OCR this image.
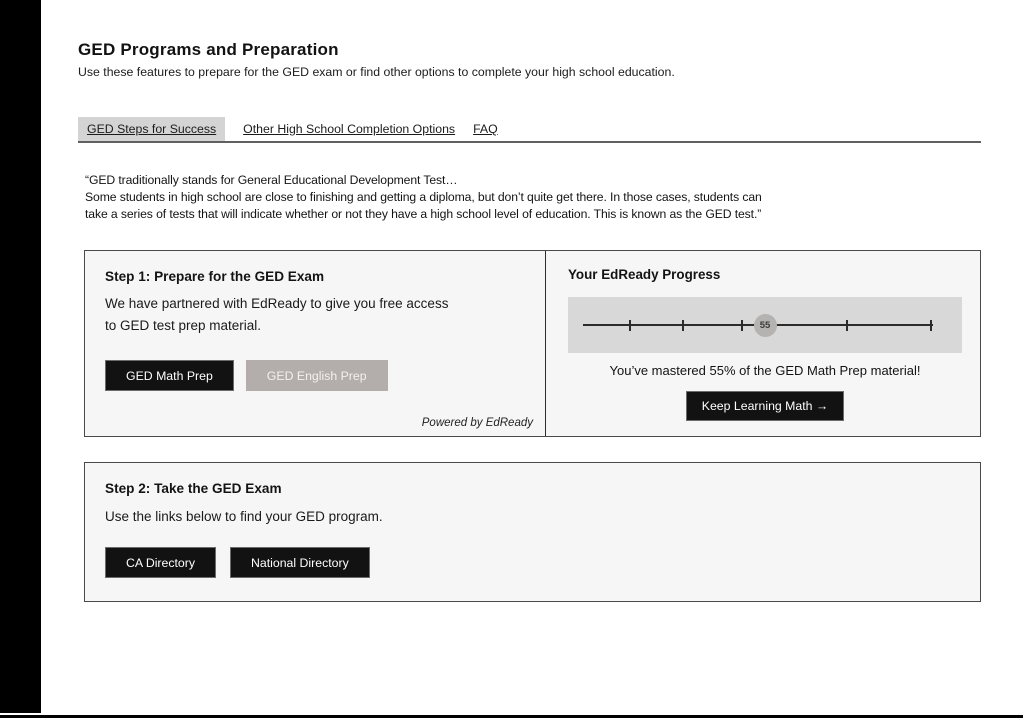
GED Programs and Preparation
Use these features to prepare for the GED exam or find other options to complete your high school education.
GED Steps for Success	Other High School Completion Options FAQ
“GED traditionally stands for General Educational Development Test…
Some students in high school are close to finishing and getting a diploma, but don’t quite get there. In those cases, students can
take a series of tests that will indicate whether or not they have a high school level of education. This is known as the GED test.”
Step 1: Prepare for the GED Exam
We have partnered with EdReady to give you free access
to GED test prep material.
GED Math Prep	GED English Prep
Powered by EdReady
Your EdReady Progress
55
You’ve mastered 55% of the GED Math Prep material!
Keep Learning Math →
Step 2: Take the GED Exam
Use the links below to find your GED program.
CA Directory	National Directory
